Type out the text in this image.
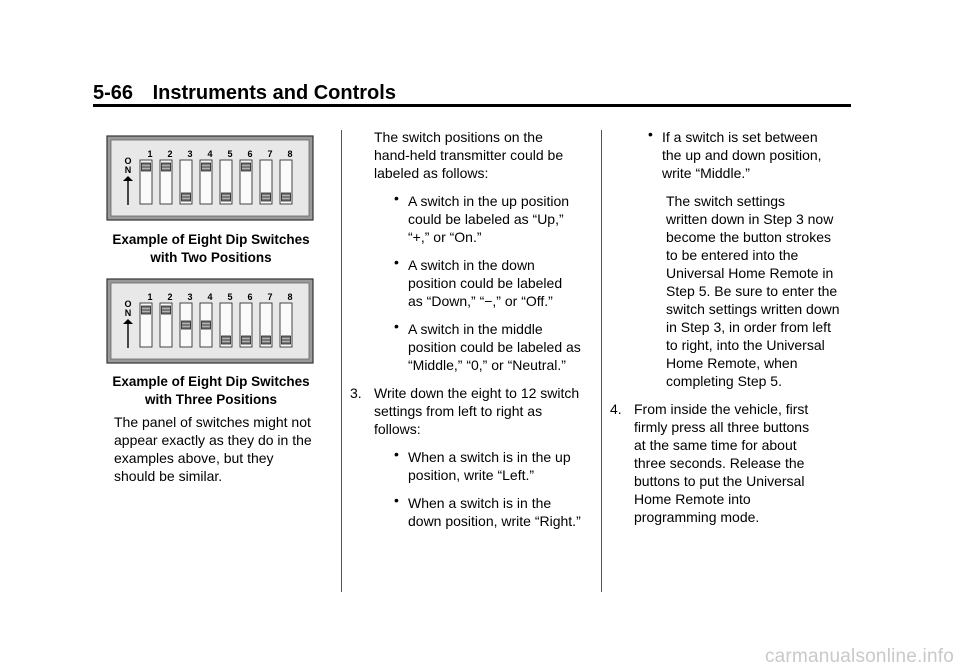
5-66 Instruments and Controls
O
N
1 2 3 4 5 6 7 8
Example of Eight Dip Switches
with Two Positions
O
N
1 2 3 4 5 6 7 8
Example of Eight Dip Switches
with Three Positions
The panel of switches might not
appear exactly as they do in the
examples above, but they
should be similar.
The switch positions on the
hand-held transmitter could be
labeled as follows:
• A switch in the up position
could be labeled as “Up,”
“+,” or “On.”
• A switch in the down
position could be labeled
as “Down,” “−,” or “Off.”
• A switch in the middle
position could be labeled as
“Middle,” “0,” or “Neutral.”
3. Write down the eight to 12 switch
settings from left to right as
follows:
• When a switch is in the up
position, write “Left.”
• When a switch is in the
down position, write “Right.”
• If a switch is set between
the up and down position,
write “Middle.”
The switch settings
written down in Step 3 now
become the button strokes
to be entered into the
Universal Home Remote in
Step 5. Be sure to enter the
switch settings written down
in Step 3, in order from left
to right, into the Universal
Home Remote, when
completing Step 5.
4. From inside the vehicle, first
firmly press all three buttons
at the same time for about
three seconds. Release the
buttons to put the Universal
Home Remote into
programming mode.
carmanualsonline.info
